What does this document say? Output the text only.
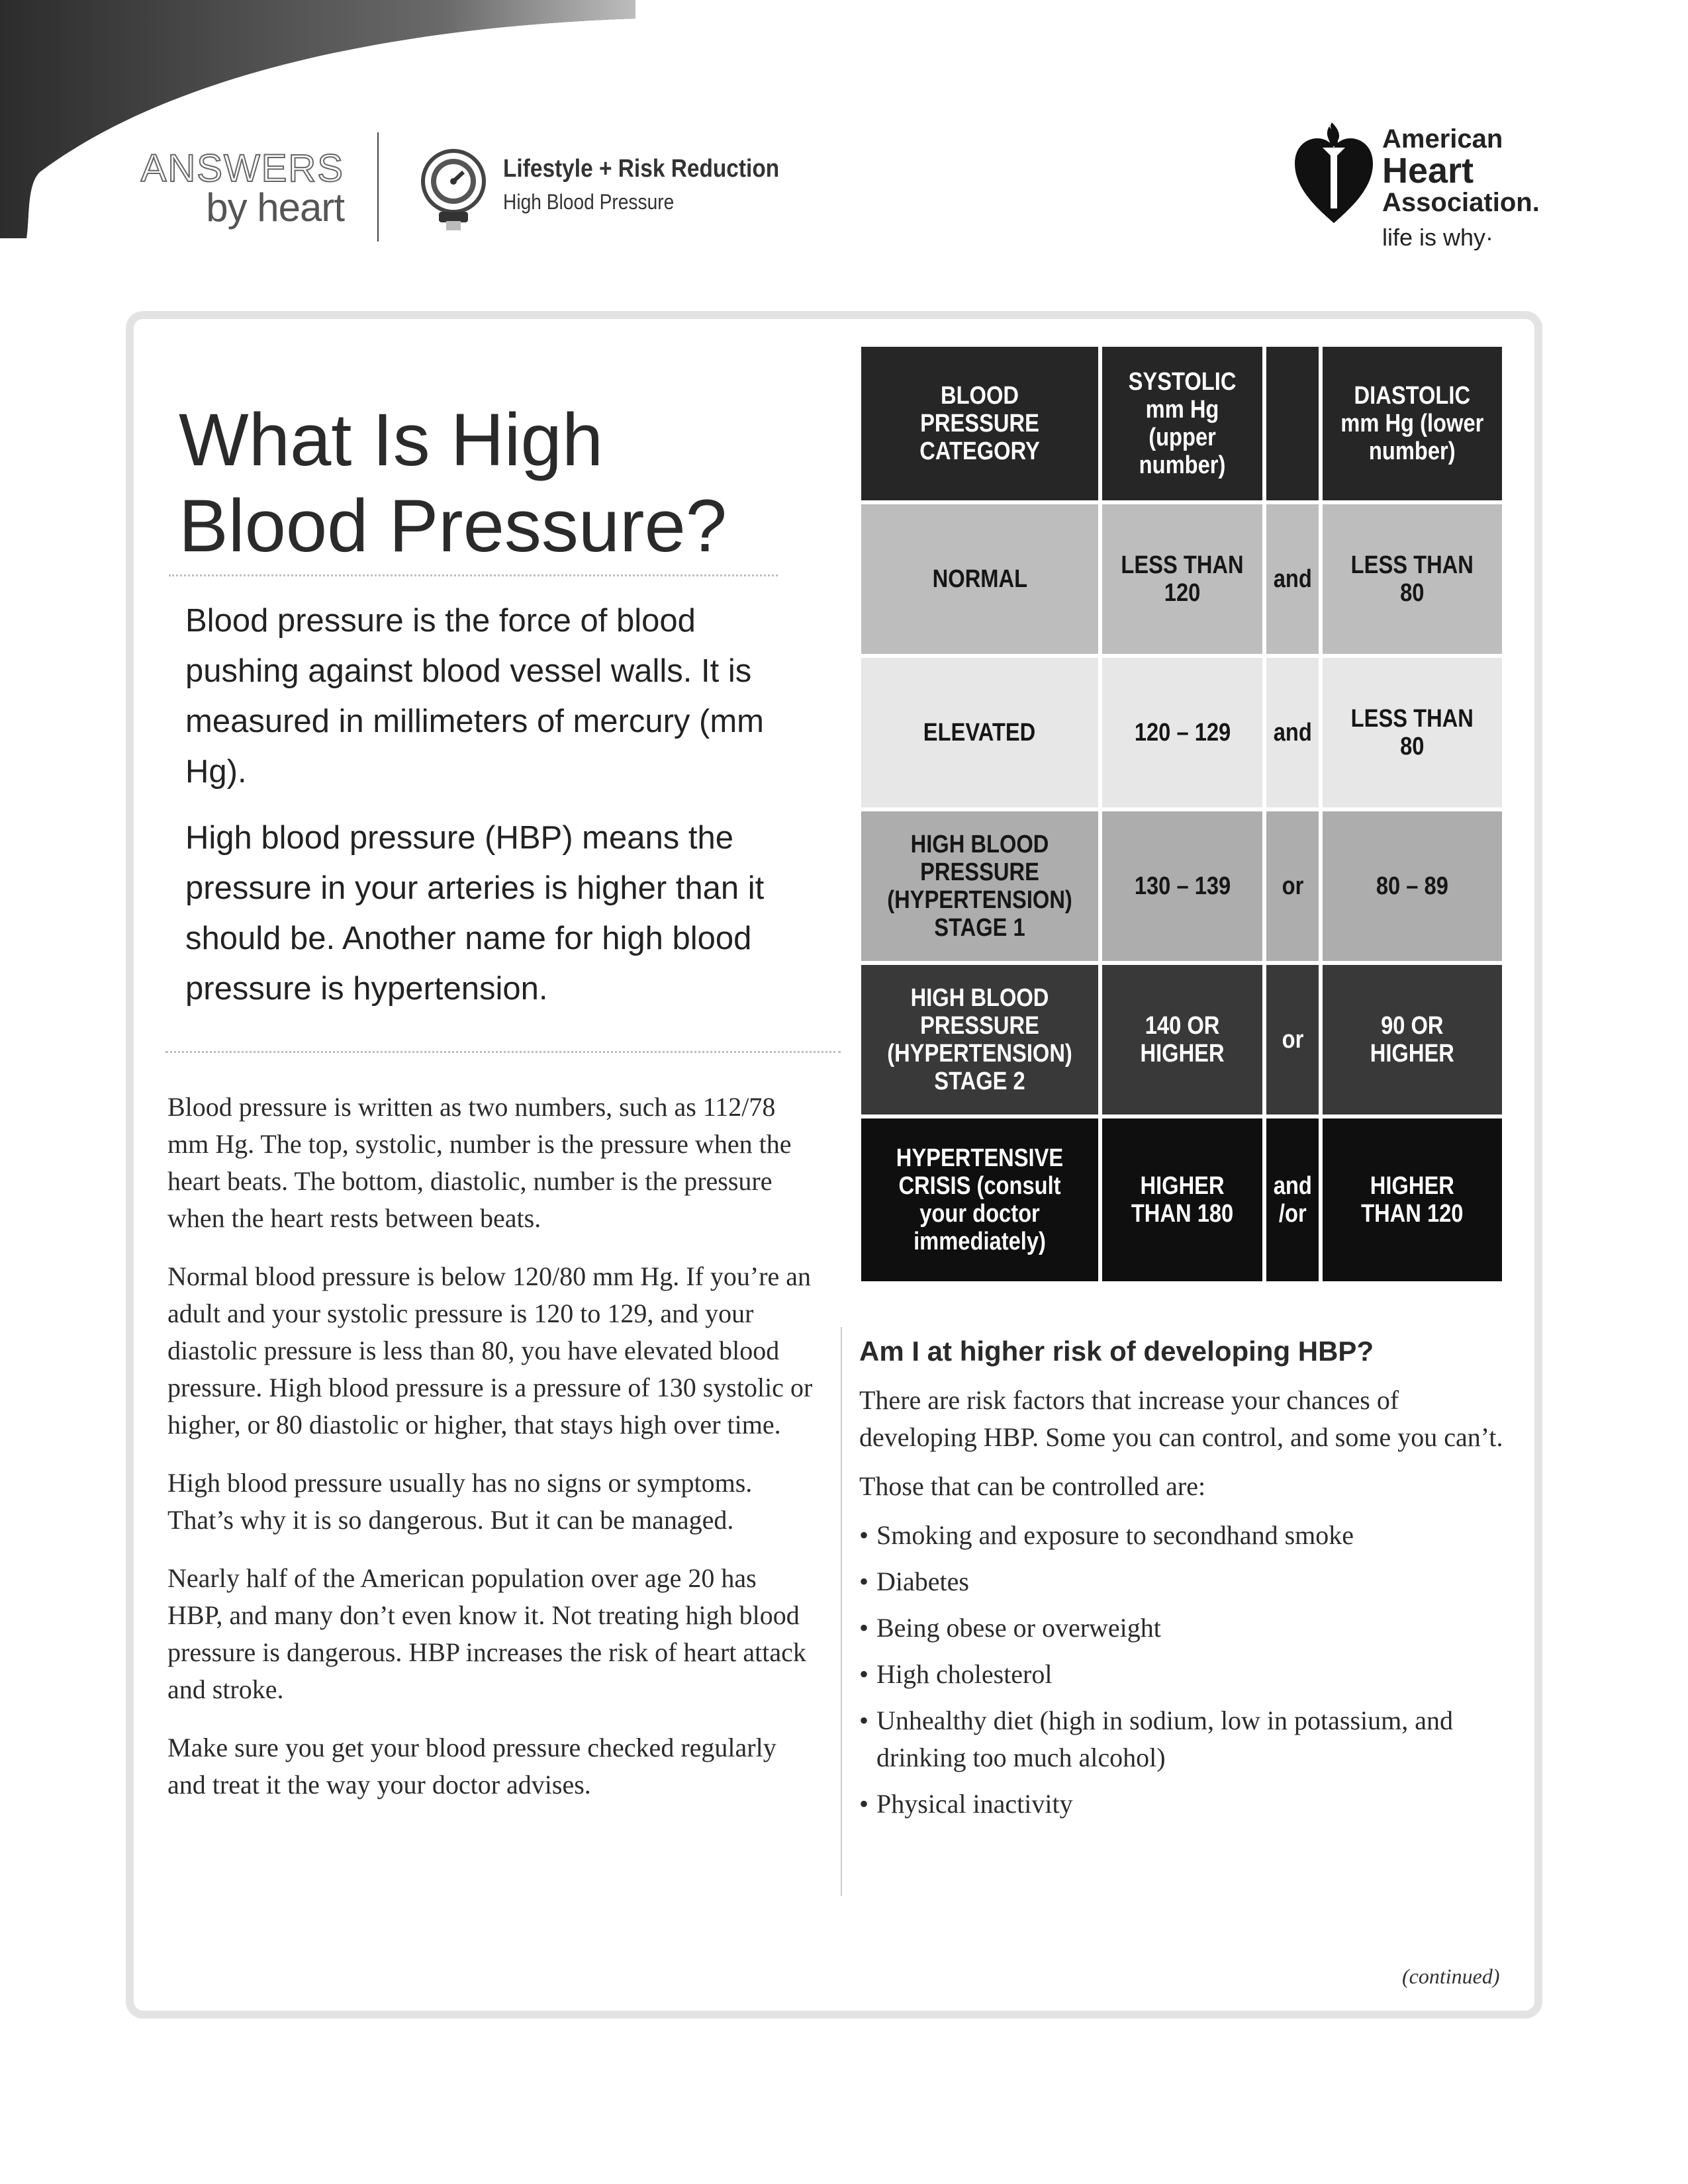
ANSWERS
by heart
Lifestyle + Risk Reduction
High Blood Pressure
American
Heart
Association.
life is why·
What Is High
Blood Pressure?

Blood pressure is the force of blood pushing against blood vessel walls. It is measured in millimeters of mercury (mm Hg).

High blood pressure (HBP) means the pressure in your arteries is higher than it should be. Another name for high blood pressure is hypertension.

Blood pressure is written as two numbers, such as 112/78 mm Hg. The top, systolic, number is the pressure when the heart beats. The bottom, diastolic, number is the pressure when the heart rests between beats.

Normal blood pressure is below 120/80 mm Hg. If you’re an adult and your systolic pressure is 120 to 129, and your diastolic pressure is less than 80, you have elevated blood pressure. High blood pressure is a pressure of 130 systolic or higher, or 80 diastolic or higher, that stays high over time.

High blood pressure usually has no signs or symptoms. That’s why it is so dangerous. But it can be managed.

Nearly half of the American population over age 20 has HBP, and many don’t even know it. Not treating high blood pressure is dangerous. HBP increases the risk of heart attack and stroke.

Make sure you get your blood pressure checked regularly and treat it the way your doctor advises.

BLOOD PRESSURE CATEGORY	SYSTOLIC mm Hg (upper number)		DIASTOLIC mm Hg (lower number)
NORMAL	LESS THAN 120	and	LESS THAN 80
ELEVATED	120 – 129	and	LESS THAN 80
HIGH BLOOD PRESSURE (HYPERTENSION) STAGE 1	130 – 139	or	80 – 89
HIGH BLOOD PRESSURE (HYPERTENSION) STAGE 2	140 OR HIGHER	or	90 OR HIGHER
HYPERTENSIVE CRISIS (consult your doctor immediately)	HIGHER THAN 180	and /or	HIGHER THAN 120
Am I at higher risk of developing HBP?

There are risk factors that increase your chances of developing HBP. Some you can control, and some you can’t.

Those that can be controlled are:

• Smoking and exposure to secondhand smoke
• Diabetes
• Being obese or overweight
• High cholesterol
• Unhealthy diet (high in sodium, low in potassium, and drinking too much alcohol)
• Physical inactivity
(continued)
